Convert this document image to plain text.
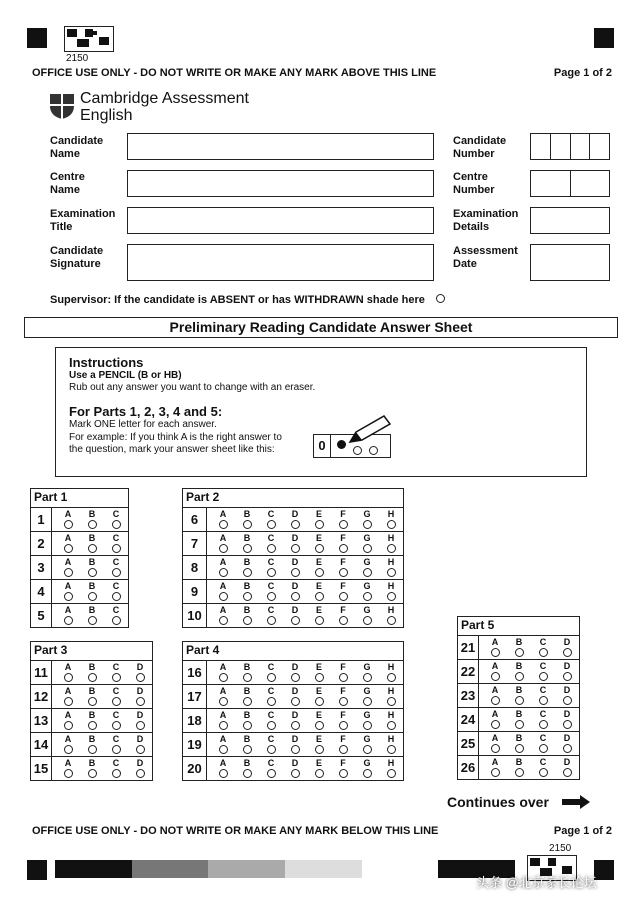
2150
OFFICE USE ONLY - DO NOT WRITE OR MAKE ANY MARK ABOVE THIS LINE	Page 1 of 2
Cambridge Assessment
English
Candidate
Name
Centre
Name
Examination
Title
Candidate
Signature
Candidate
Number
Centre
Number
Examination
Details
Assessment
Date
Supervisor: If the candidate is ABSENT or has WITHDRAWN shade here
Preliminary Reading Candidate Answer Sheet
Instructions
Use a PENCIL (B or HB)
Rub out any answer you want to change with an eraser.
For Parts 1, 2, 3, 4 and 5:
Mark ONE letter for each answer.
For example: If you think A is the right answer to
the question, mark your answer sheet like this:	0
Part 1
1	A B C
2	A B C
3	A B C
4	A B C
5	A B C
Part 2
6	A B C D E F G H
7	A B C D E F G H
8	A B C D E F G H
9	A B C D E F G H
10	A B C D E F G H
Part 3
11	A B C D
12	A B C D
13	A B C D
14	A B C D
15	A B C D
Part 4
16	A B C D E F G H
17	A B C D E F G H
18	A B C D E F G H
19	A B C D E F G H
20	A B C D E F G H
Part 5
21	A B C D
22	A B C D
23	A B C D
24	A B C D
25	A B C D
26	A B C D
Continues over
OFFICE USE ONLY - DO NOT WRITE OR MAKE ANY MARK BELOW THIS LINE	Page 1 of 2
2150
头条 @北京家长论坛
